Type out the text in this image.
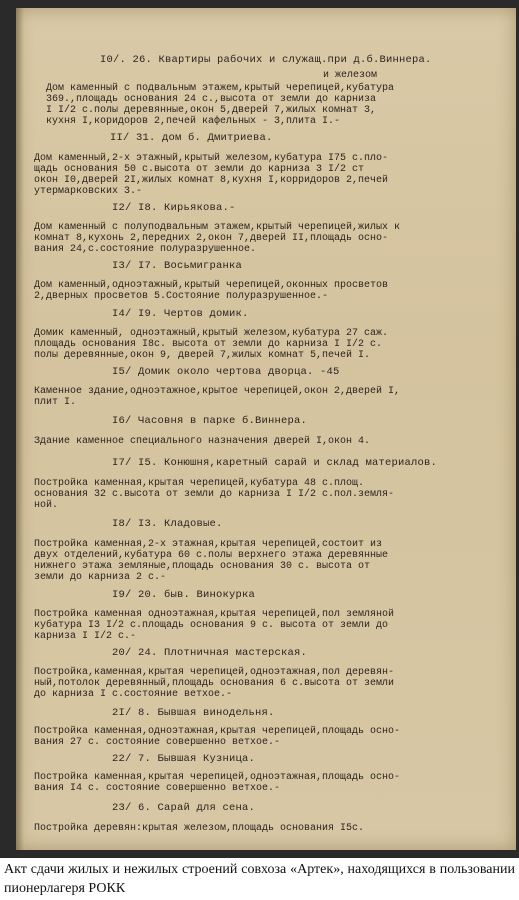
I0/. 26. Квартиры рабочих и служащ.при д.б.Виннера.
и железом
Дом каменный с подвальным этажем,крытый черепицей,кубатура
369.,площадь основания 24 с.,высота от земли до карниза
I I/2 с.полы деревянные,окон 5,дверей 7,жилых комнат 3,
кухня I,коридоров 2,печей кафельных - 3,плита I.-
II/ 31. дом б. Дмитриева.
Дом каменный,2-х этажный,крытый железом,кубатура I75 с.пло-
щадь основания 50 с.высота от земли до карниза 3 I/2 ст
окон I0,дверей 2I,жилых комнат 8,кухня I,корридоров 2,печей
утермарковских 3.-
I2/ I8. Кирьякова.-
Дом каменный с полуподвальным этажем,крытый черепицей,жилых к
комнат 8,кухонь 2,передних 2,окон 7,дверей II,площадь осно-
вания 24,с.состояние полуразрушенное.
I3/ I7. Восьмигранка
Дом каменный,одноэтажный,крытый черепицей,оконных просветов
2,дверных просветов 5.Состояние полуразрушенное.-
I4/ I9. Чертов домик.
Домик каменный, одноэтажный,крытый железом,кубатура 27 саж.
площадь основания I8с. высота от земли до карниза I I/2 с.
полы деревянные,окон 9, дверей 7,жилых комнат 5,печей I.
I5/ Домик около чертова дворца. -45
Каменное здание,одноэтажное,крытое черепицей,окон 2,дверей I,
плит I.
I6/ Часовня в парке б.Виннера.
Здание каменное специального назначения дверей I,окон 4.
I7/ I5. Конюшня,каретный сарай и склад материалов.
Постройка каменная,крытая черепицей,кубатура 48 с.площ.
основания 32 с.высота от земли до карниза I I/2 с.пол.земля-
ной.
I8/ I3. Кладовые.
Постройка каменная,2-х этажная,крытая черепицей,состоит из
двух отделений,кубатура 60 с.полы верхнего этажа деревянные
нижнего этажа земляные,площадь основания 30 с. высота от
земли до карниза 2 с.-
I9/ 20. быв. Винокурка
Постройка каменная одноэтажная,крытая черепицей,пол земляной
кубатура I3 I/2 с.площадь основания 9 с. высота от земли до
карниза I I/2 с.-
20/ 24. Плотничная мастерская.
Постройка,каменная,крытая черепицей,одноэтажная,пол деревян-
ный,потолок деревянный,площадь основания 6 с.высота от земли
до карниза I с.состояние ветхое.-
2I/ 8. Бывшая винодельня.
Постройка каменная,одноэтажная,крытая черепицей,площадь осно-
вания 27 с. состояние совершенно ветхое.-
22/ 7. Бывшая Кузница.
Постройка каменная,крытая черепицей,одноэтажная,площадь осно-
вания I4 с. состояние совершенно ветхое.-
23/ 6. Сарай для сена.
Постройка деревян:крытая железом,площадь основания I5с.
Акт сдачи жилых и нежилых строений совхоза «Артек», находящихся в пользовании пионерлагеря РОКК
